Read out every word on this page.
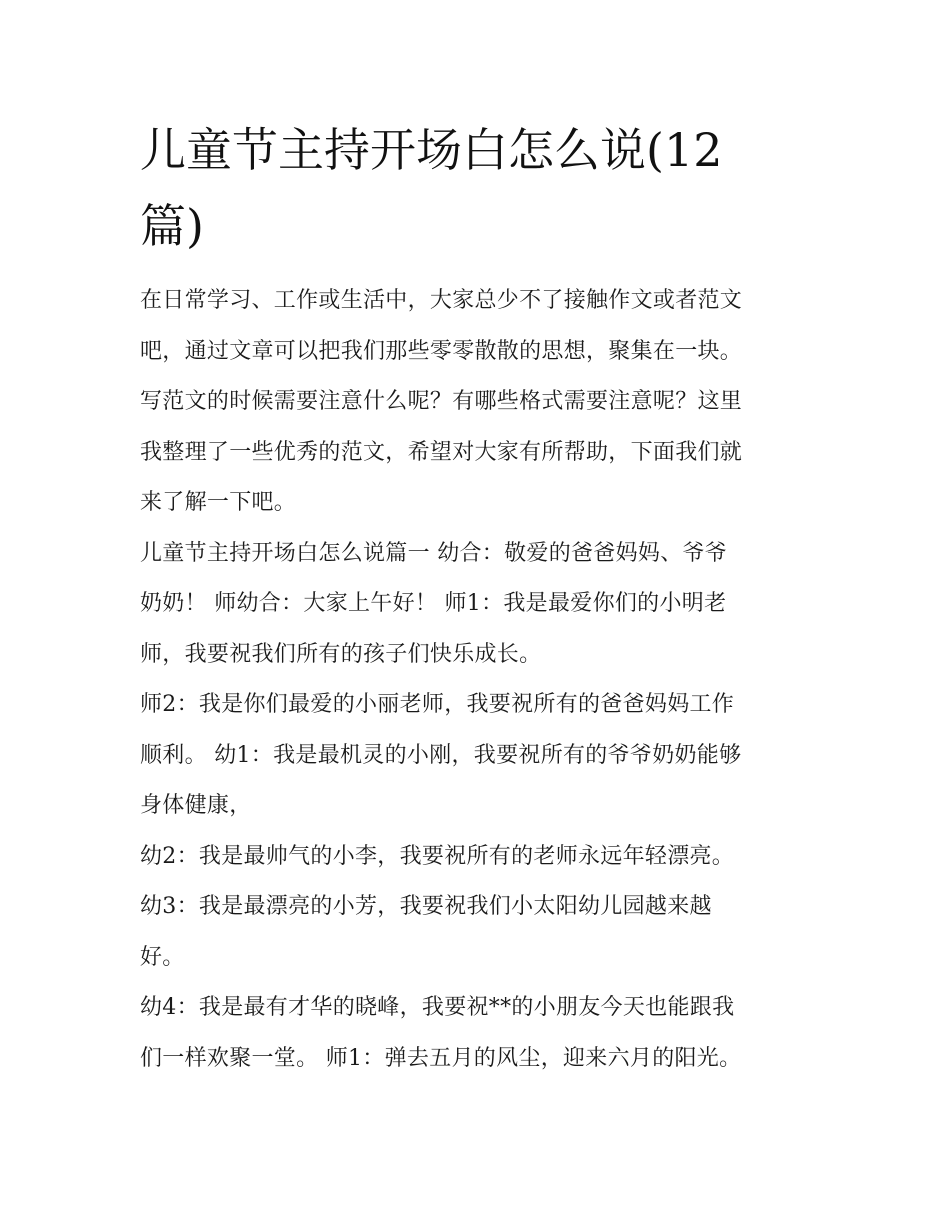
儿童节主持开场白怎么说(12
篇)

在日常学习、工作或生活中，大家总少不了接触作文或者范文
吧，通过文章可以把我们那些零零散散的思想，聚集在一块。
写范文的时候需要注意什么呢？有哪些格式需要注意呢？这里
我整理了一些优秀的范文，希望对大家有所帮助，下面我们就
来了解一下吧。

儿童节主持开场白怎么说篇一 幼合：敬爱的爸爸妈妈、爷爷
奶奶！ 师幼合：大家上午好！ 师1：我是最爱你们的小明老
师，我要祝我们所有的孩子们快乐成长。

师2：我是你们最爱的小丽老师，我要祝所有的爸爸妈妈工作
顺利。 幼1：我是最机灵的小刚，我要祝所有的爷爷奶奶能够
身体健康，

幼2：我是最帅气的小李，我要祝所有的老师永远年轻漂亮。

幼3：我是最漂亮的小芳，我要祝我们小太阳幼儿园越来越
好。

幼4：我是最有才华的晓峰，我要祝**的小朋友今天也能跟我
们一样欢聚一堂。 师1：弹去五月的风尘，迎来六月的阳光。
